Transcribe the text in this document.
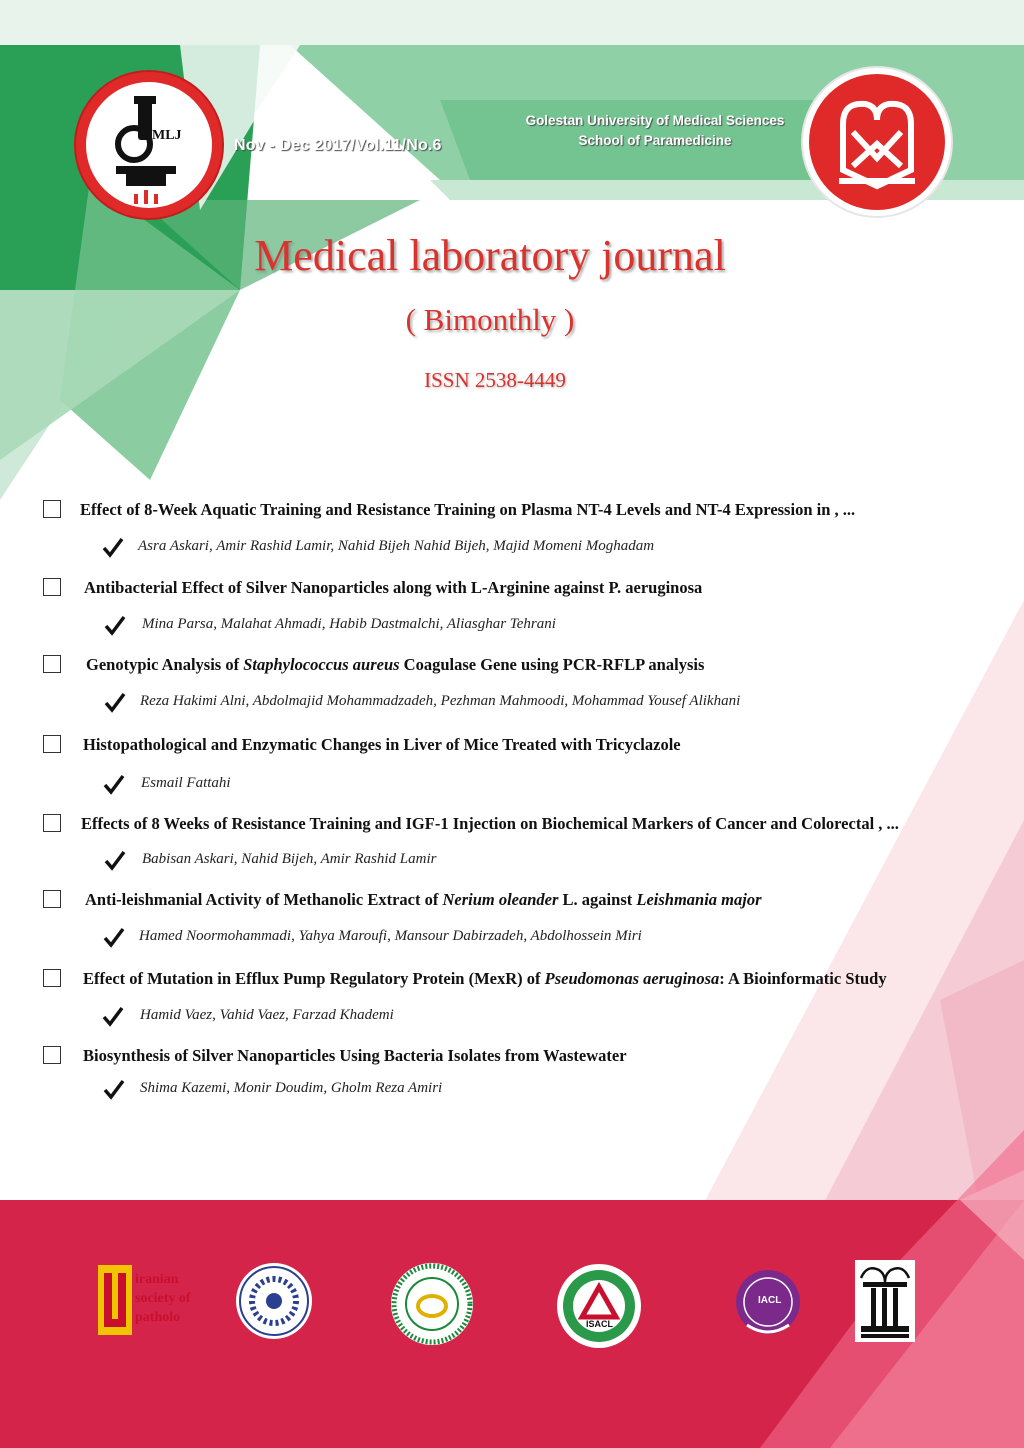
MLJ
Nov - Dec 2017/Vol.11/No.6
Golestan University of Medical Sciences
School of Paramedicine
Medical laboratory journal
( Bimonthly )
ISSN 2538-4449
Effect of 8-Week Aquatic Training and Resistance Training on Plasma NT-4 Levels and NT-4 Expression in , ...
Asra Askari, Amir Rashid Lamir, Nahid Bijeh Nahid Bijeh, Majid Momeni Moghadam
Antibacterial Effect of Silver Nanoparticles along with L-Arginine against P. aeruginosa
Mina Parsa, Malahat Ahmadi, Habib Dastmalchi, Aliasghar Tehrani
Genotypic Analysis of Staphylococcus aureus Coagulase Gene using PCR-RFLP analysis
Reza Hakimi Alni, Abdolmajid Mohammadzadeh, Pezhman Mahmoodi, Mohammad Yousef Alikhani
Histopathological and Enzymatic Changes in Liver of Mice Treated with Tricyclazole
Esmail Fattahi
Effects of 8 Weeks of Resistance Training and IGF-1 Injection on Biochemical Markers of Cancer and Colorectal , ...
Babisan Askari, Nahid Bijeh, Amir Rashid Lamir
Anti-leishmanial Activity of Methanolic Extract of Nerium oleander L. against Leishmania major
Hamed Noormohammadi, Yahya Maroufi, Mansour Dabirzadeh, Abdolhossein Miri
Effect of Mutation in Efflux Pump Regulatory Protein (MexR) of Pseudomonas aeruginosa: A Bioinformatic Study
Hamid Vaez, Vahid Vaez, Farzad Khademi
Biosynthesis of Silver Nanoparticles Using Bacteria Isolates from Wastewater
Shima Kazemi, Monir Doudim, Gholm Reza Amiri
iranian
society of
patholo	ISACL
IACL
